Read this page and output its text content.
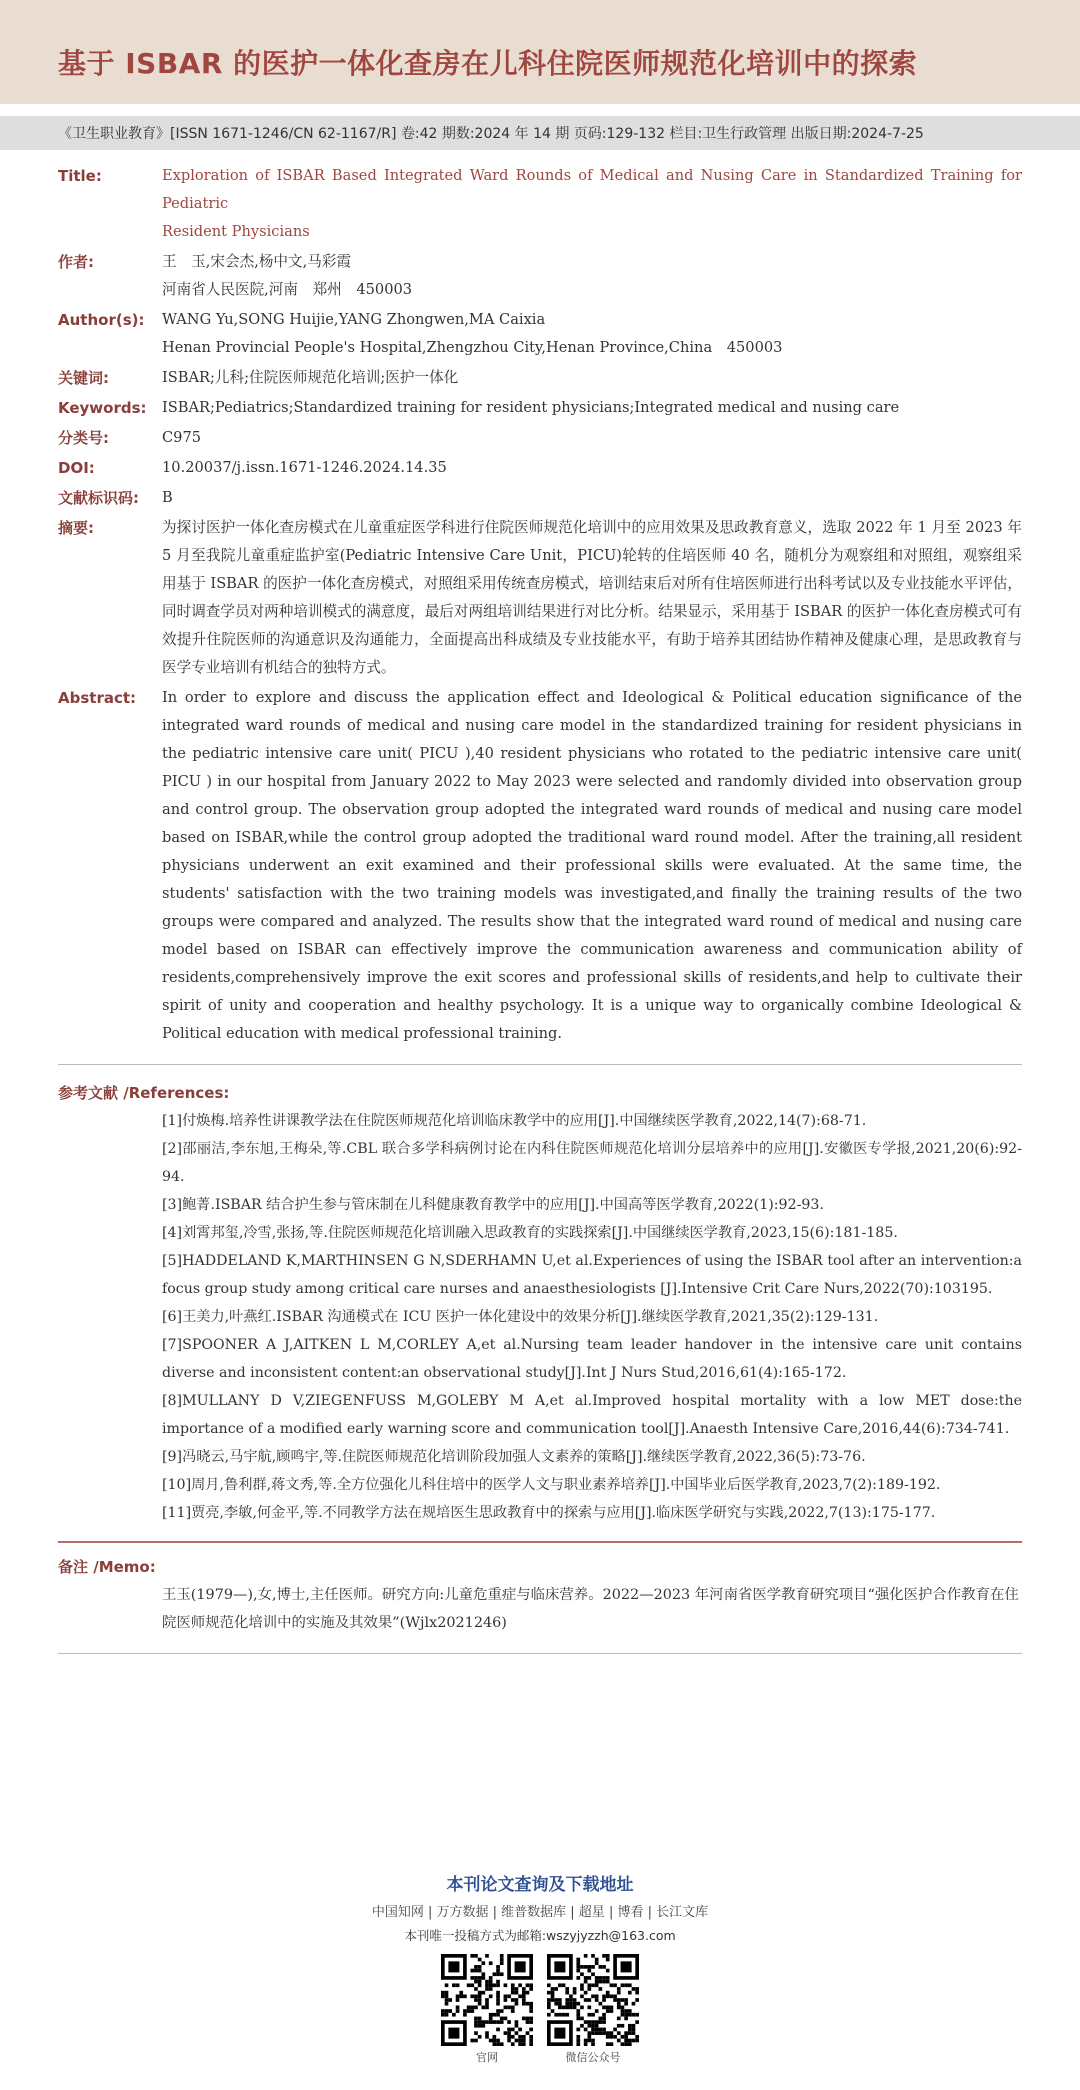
基于 ISBAR 的医护一体化查房在儿科住院医师规范化培训中的探索
《卫生职业教育》[ISSN 1671-1246/CN 62-1167/R] 卷:42 期数:2024 年 14 期 页码:129-132 栏目:卫生行政管理 出版日期:2024-7-25
Title:	Exploration of ISBAR Based Integrated Ward Rounds of Medical and Nusing Care in Standardized Training for Pediatric
Resident Physicians
作者:	王　玉,宋会杰,杨中文,马彩霞
河南省人民医院,河南　郑州　450003
Author(s):	WANG Yu,SONG Huijie,YANG Zhongwen,MA Caixia
Henan Provincial People's Hospital,Zhengzhou City,Henan Province,China　450003
关键词:	ISBAR;儿科;住院医师规范化培训;医护一体化
Keywords:	ISBAR;Pediatrics;Standardized training for resident physicians;Integrated medical and nusing care
分类号:	C975
DOI:	10.20037/j.issn.1671-1246.2024.14.35
文献标识码:	B
摘要:	为探讨医护一体化查房模式在儿童重症医学科进行住院医师规范化培训中的应用效果及思政教育意义，选取 2022 年 1 月至 2023 年 5 月至我院儿童重症监护室(Pediatric Intensive Care Unit，PICU)轮转的住培医师 40 名，随机分为观察组和对照组，观察组采用基于 ISBAR 的医护一体化查房模式，对照组采用传统查房模式，培训结束后对所有住培医师进行出科考试以及专业技能水平评估，同时调查学员对两种培训模式的满意度，最后对两组培训结果进行对比分析。结果显示，采用基于 ISBAR 的医护一体化查房模式可有效提升住院医师的沟通意识及沟通能力，全面提高出科成绩及专业技能水平，有助于培养其团结协作精神及健康心理，是思政教育与医学专业培训有机结合的独特方式。
Abstract:	In order to explore and discuss the application effect and Ideological & Political education significance of the integrated ward rounds of medical and nusing care model in the standardized training for resident physicians in the pediatric intensive care unit( PICU ),40 resident physicians who rotated to the pediatric intensive care unit( PICU ) in our hospital from January 2022 to May 2023 were selected and randomly divided into observation group and control group. The observation group adopted the integrated ward rounds of medical and nusing care model based on ISBAR,while the control group adopted the traditional ward round model. After the training,all resident physicians underwent an exit examined and their professional skills were evaluated. At the same time, the students' satisfaction with the two training models was investigated,and finally the training results of the two groups were compared and analyzed. The results show that the integrated ward round of medical and nusing care model based on ISBAR can effectively improve the communication awareness and communication ability of residents,comprehensively improve the exit scores and professional skills of residents,and help to cultivate their spirit of unity and cooperation and healthy psychology. It is a unique way to organically combine Ideological & Political education with medical professional training.
参考文献 /References:
[1]付焕梅.培养性讲课教学法在住院医师规范化培训临床教学中的应用[J].中国继续医学教育,2022,14(7):68-71.
[2]邵丽洁,李东旭,王梅朵,等.CBL 联合多学科病例讨论在内科住院医师规范化培训分层培养中的应用[J].安徽医专学报,2021,20(6):92-94.
[3]鲍菁.ISBAR 结合护生参与管床制在儿科健康教育教学中的应用[J].中国高等医学教育,2022(1):92-93.
[4]刘霄邦玺,冷雪,张扬,等.住院医师规范化培训融入思政教育的实践探索[J].中国继续医学教育,2023,15(6):181-185.
[5]HADDELAND K,MARTHINSEN G N,SDERHAMN U,et al.Experiences of using the ISBAR tool after an intervention:a focus group study among critical care nurses and anaesthesiologists [J].Intensive Crit Care Nurs,2022(70):103195.
[6]王美力,叶燕红.ISBAR 沟通模式在 ICU 医护一体化建设中的效果分析[J].继续医学教育,2021,35(2):129-131.
[7]SPOONER A J,AITKEN L M,CORLEY A,et al.Nursing team leader handover in the intensive care unit contains diverse and inconsistent content:an observational study[J].Int J Nurs Stud,2016,61(4):165-172.
[8]MULLANY D V,ZIEGENFUSS M,GOLEBY M A,et al.Improved hospital mortality with a low MET dose:the importance of a modified early warning score and communication tool[J].Anaesth Intensive Care,2016,44(6):734-741.
[9]冯晓云,马宇航,顾鸣宇,等.住院医师规范化培训阶段加强人文素养的策略[J].继续医学教育,2022,36(5):73-76.
[10]周月,鲁利群,蒋文秀,等.全方位强化儿科住培中的医学人文与职业素养培养[J].中国毕业后医学教育,2023,7(2):189-192.
[11]贾亮,李敏,何金平,等.不同教学方法在规培医生思政教育中的探索与应用[J].临床医学研究与实践,2022,7(13):175-177.
备注 /Memo:
王玉(1979—),女,博士,主任医师。研究方向:儿童危重症与临床营养。2022—2023 年河南省医学教育研究项目“强化医护合作教育在住院医师规范化培训中的实施及其效果”(Wjlx2021246)
本刊论文查询及下载地址
中国知网 | 万方数据 | 维普数据库 | 超星 | 博看 | 长江文库
本刊唯一投稿方式为邮箱:wszyjyzzh@163.com
官网	微信公众号
